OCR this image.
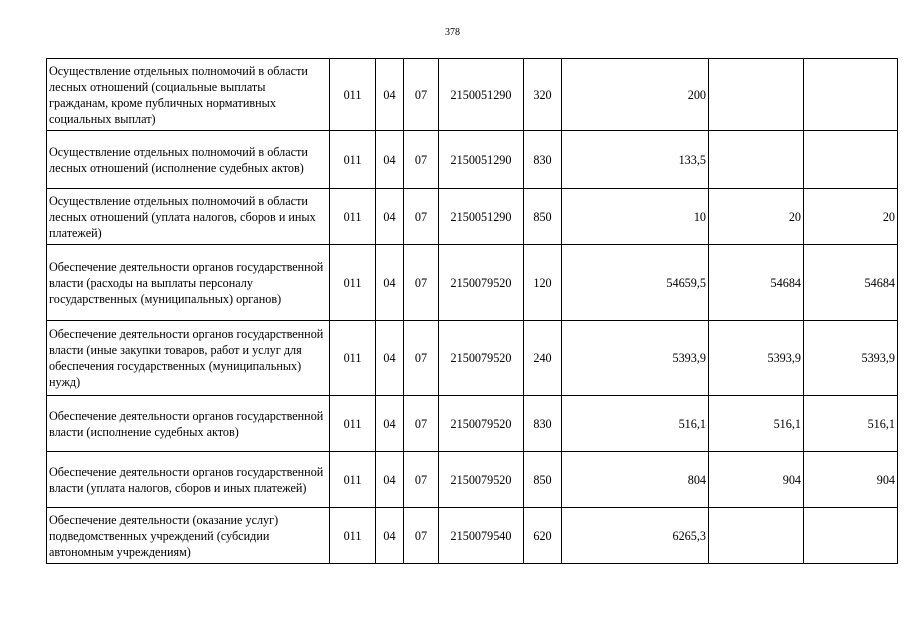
378
Осуществление отдельных полномочий в области лесных отношений (социальные выплаты гражданам, кроме публичных нормативных социальных выплат)	011	04	07	2150051290	320	200		
Осуществление отдельных полномочий в области лесных отношений (исполнение судебных актов)	011	04	07	2150051290	830	133,5		
Осуществление отдельных полномочий в области лесных отношений (уплата налогов, сборов и иных платежей)	011	04	07	2150051290	850	10	20	20
Обеспечение деятельности органов государственной власти (расходы на выплаты персоналу государственных (муниципальных) органов)	011	04	07	2150079520	120	54659,5	54684	54684
Обеспечение деятельности органов государственной власти (иные закупки товаров, работ и услуг для обеспечения государственных (муниципальных) нужд)	011	04	07	2150079520	240	5393,9	5393,9	5393,9
Обеспечение деятельности органов государственной власти (исполнение судебных актов)	011	04	07	2150079520	830	516,1	516,1	516,1
Обеспечение деятельности органов государственной власти (уплата налогов, сборов и иных платежей)	011	04	07	2150079520	850	804	904	904
Обеспечение деятельности (оказание услуг) подведомственных учреждений (субсидии автономным учреждениям)	011	04	07	2150079540	620	6265,3		
